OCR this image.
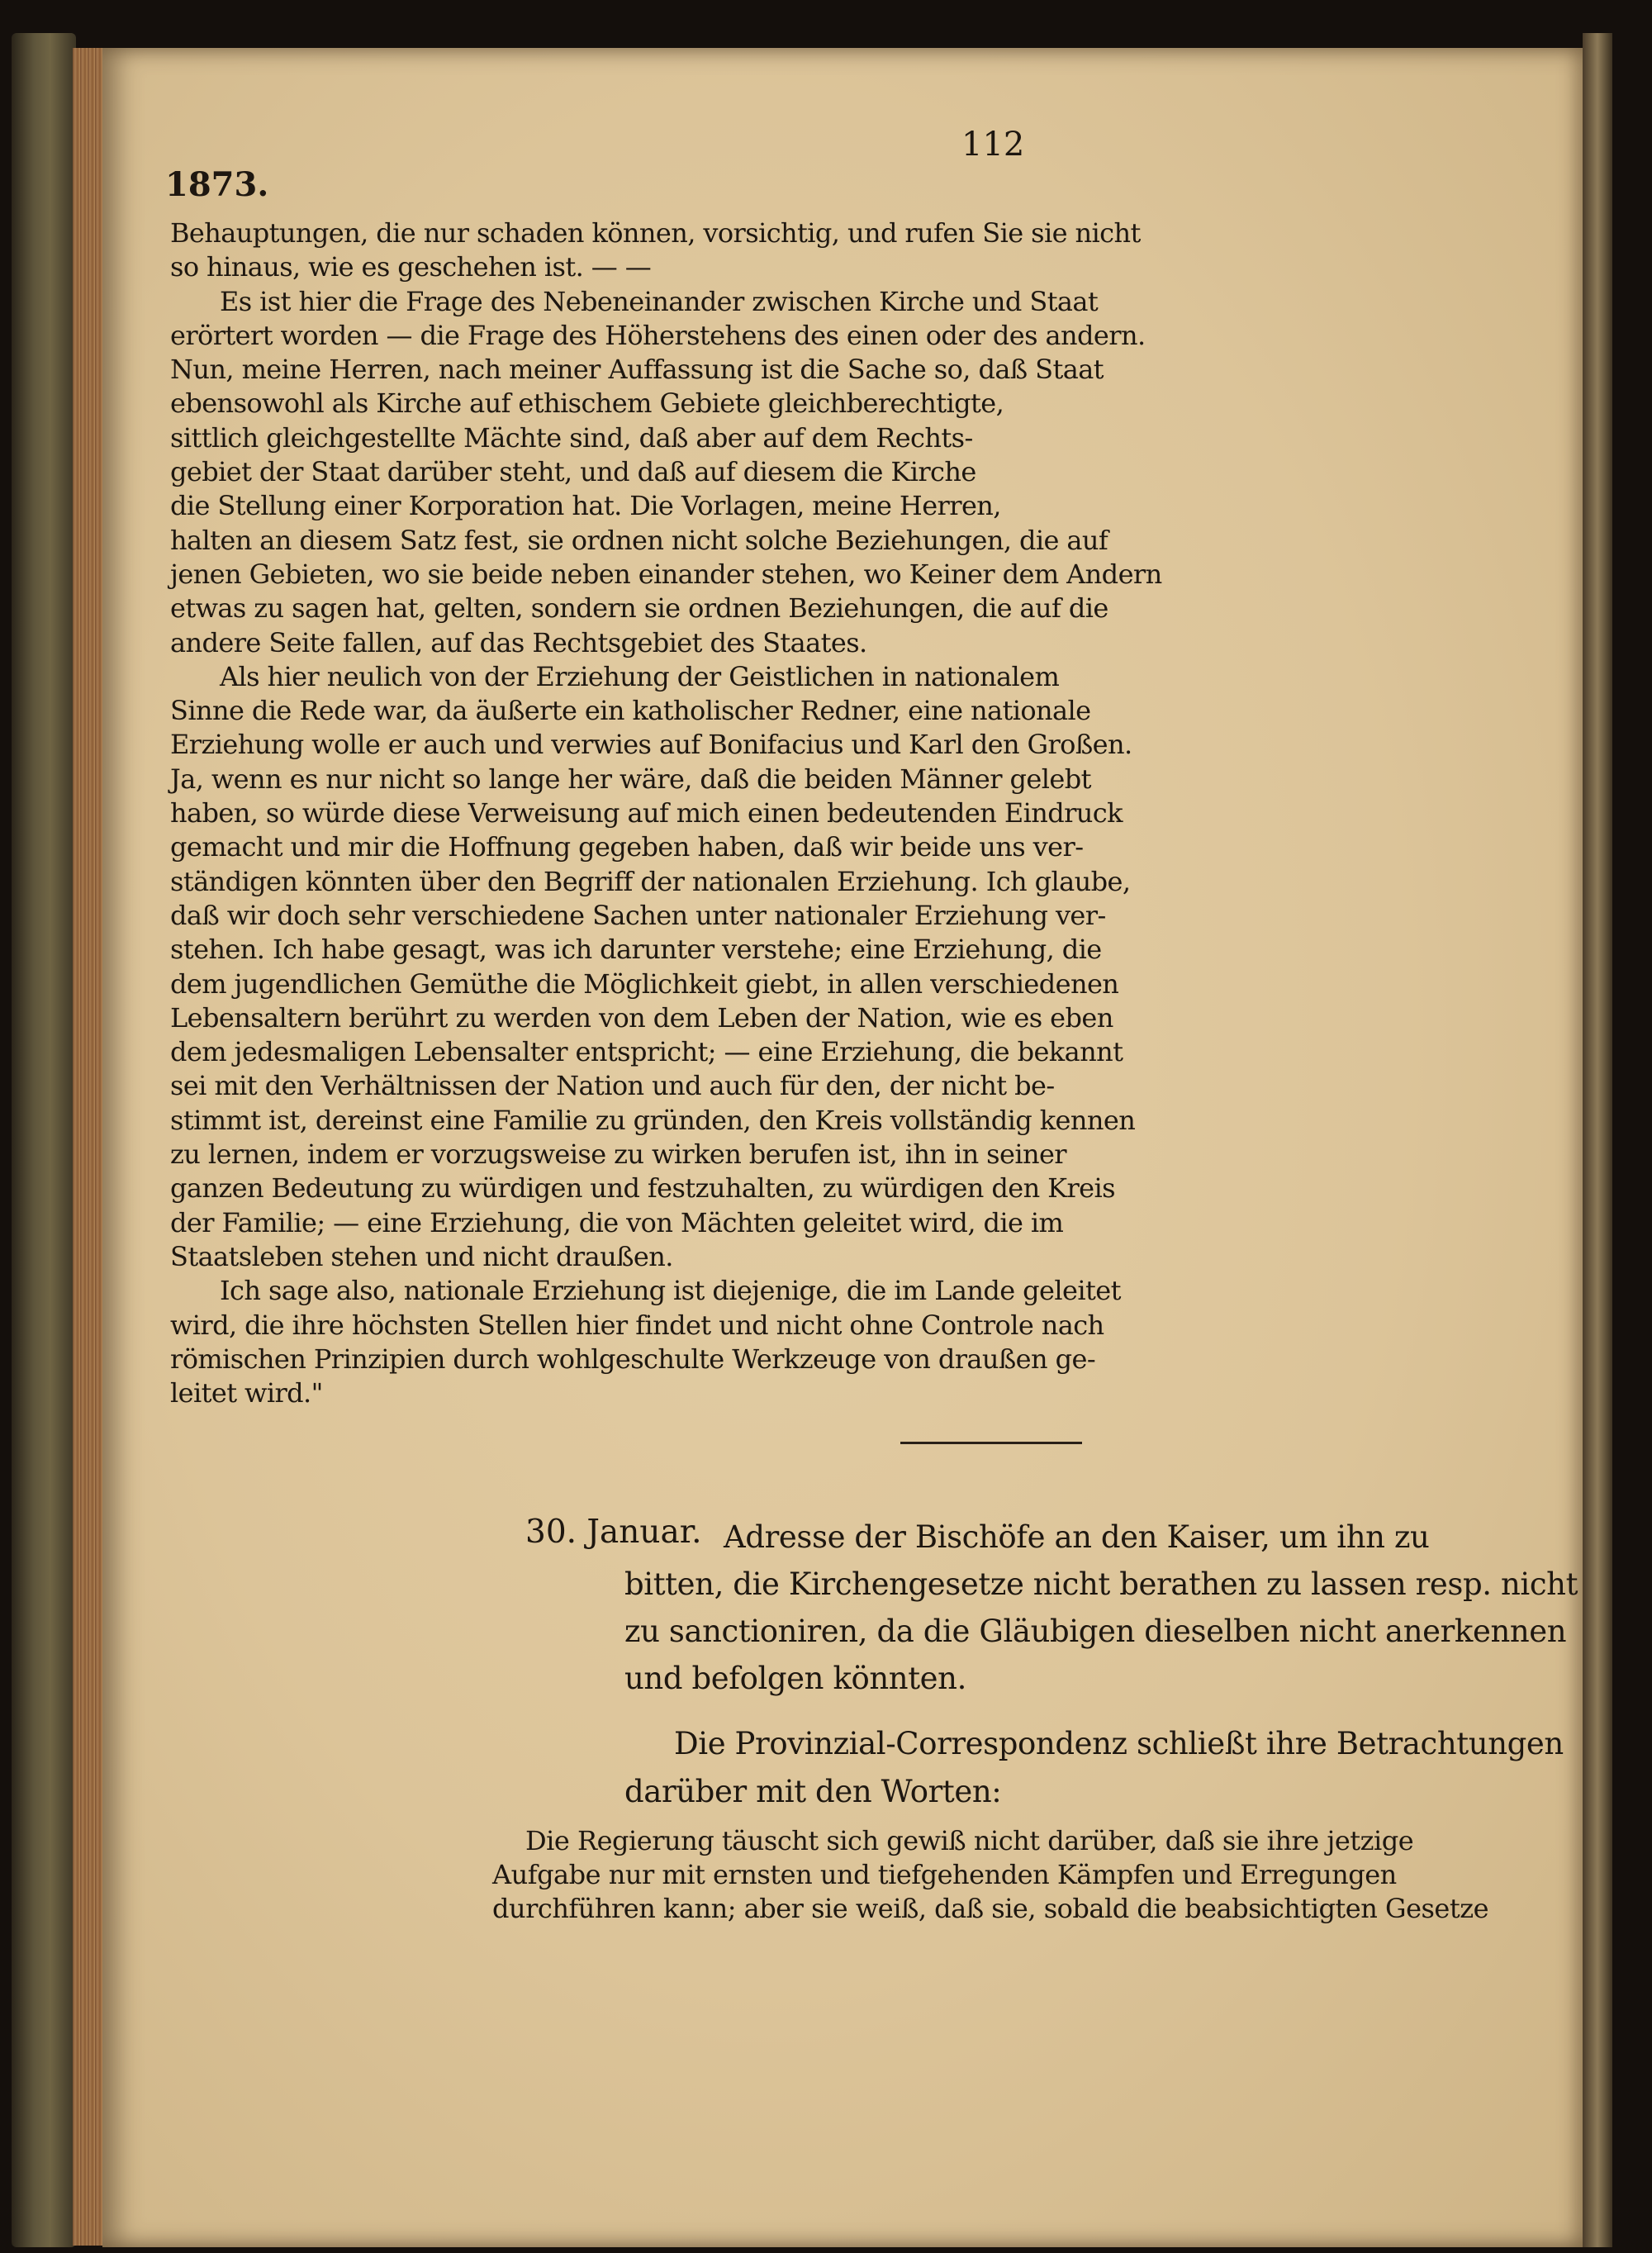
112
1873.
Behauptungen, die nur schaden können, vorsichtig, und rufen Sie sie nicht
so hinaus, wie es geschehen ist. — —
Es ist hier die Frage des Nebeneinander zwischen Kirche und Staat
erörtert worden — die Frage des Höherstehens des einen oder des andern.
Nun, meine Herren, nach meiner Auffassung ist die Sache so, daß Staat
ebensowohl als Kirche auf ethischem Gebiete gleichberechtigte,
sittlich gleichgestellte Mächte sind, daß aber auf dem Rechts-
gebiet der Staat darüber steht, und daß auf diesem die Kirche
die Stellung einer Korporation hat. Die Vorlagen, meine Herren,
halten an diesem Satz fest, sie ordnen nicht solche Beziehungen, die auf
jenen Gebieten, wo sie beide neben einander stehen, wo Keiner dem Andern
etwas zu sagen hat, gelten, sondern sie ordnen Beziehungen, die auf die
andere Seite fallen, auf das Rechtsgebiet des Staates.
Als hier neulich von der Erziehung der Geistlichen in nationalem
Sinne die Rede war, da äußerte ein katholischer Redner, eine nationale
Erziehung wolle er auch und verwies auf Bonifacius und Karl den Großen.
Ja, wenn es nur nicht so lange her wäre, daß die beiden Männer gelebt
haben, so würde diese Verweisung auf mich einen bedeutenden Eindruck
gemacht und mir die Hoffnung gegeben haben, daß wir beide uns ver-
ständigen könnten über den Begriff der nationalen Erziehung. Ich glaube,
daß wir doch sehr verschiedene Sachen unter nationaler Erziehung ver-
stehen. Ich habe gesagt, was ich darunter verstehe; eine Erziehung, die
dem jugendlichen Gemüthe die Möglichkeit giebt, in allen verschiedenen
Lebensaltern berührt zu werden von dem Leben der Nation, wie es eben
dem jedesmaligen Lebensalter entspricht; — eine Erziehung, die bekannt
sei mit den Verhältnissen der Nation und auch für den, der nicht be-
stimmt ist, dereinst eine Familie zu gründen, den Kreis vollständig kennen
zu lernen, indem er vorzugsweise zu wirken berufen ist, ihn in seiner
ganzen Bedeutung zu würdigen und festzuhalten, zu würdigen den Kreis
der Familie; — eine Erziehung, die von Mächten geleitet wird, die im
Staatsleben stehen und nicht draußen.
Ich sage also, nationale Erziehung ist diejenige, die im Lande geleitet
wird, die ihre höchsten Stellen hier findet und nicht ohne Controle nach
römischen Prinzipien durch wohlgeschulte Werkzeuge von draußen ge-
leitet wird."
30. Januar. Adresse der Bischöfe an den Kaiser, um ihn zu
bitten, die Kirchengesetze nicht berathen zu lassen resp. nicht
zu sanctioniren, da die Gläubigen dieselben nicht anerkennen
und befolgen könnten.
Die Provinzial-Correspondenz schließt ihre Betrachtungen
darüber mit den Worten:
Die Regierung täuscht sich gewiß nicht darüber, daß sie ihre jetzige
Aufgabe nur mit ernsten und tiefgehenden Kämpfen und Erregungen
durchführen kann; aber sie weiß, daß sie, sobald die beabsichtigten Gesetze
